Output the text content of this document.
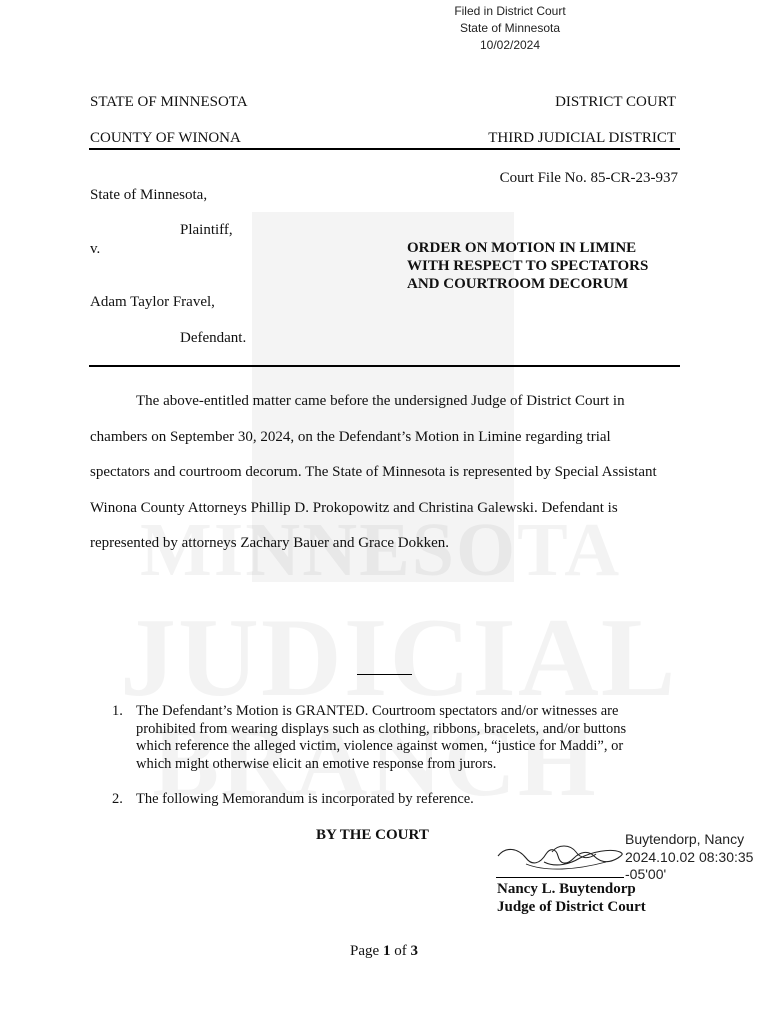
Filed in District Court
State of Minnesota
10/02/2024
STATE OF MINNESOTA	DISTRICT COURT
COUNTY OF WINONA	THIRD JUDICIAL DISTRICT
Court File No. 85-CR-23-937
State of Minnesota,
Plaintiff,
v.
Adam Taylor Fravel,
Defendant.
ORDER ON MOTION IN LIMINE
WITH RESPECT TO SPECTATORS
AND COURTROOM DECORUM
The above-entitled matter came before the undersigned Judge of District Court in
chambers on September 30, 2024, on the Defendant’s Motion in Limine regarding trial
spectators and courtroom decorum. The State of Minnesota is represented by Special Assistant
Winona County Attorneys Phillip D. Prokopowitz and Christina Galewski. Defendant is
represented by attorneys Zachary Bauer and Grace Dokken.
1. The Defendant’s Motion is GRANTED. Courtroom spectators and/or witnesses are
prohibited from wearing displays such as clothing, ribbons, bracelets, and/or buttons
which reference the alleged victim, violence against women, “justice for Maddi”, or
which might otherwise elicit an emotive response from jurors.
2. The following Memorandum is incorporated by reference.
BY THE COURT	Buytendorp, Nancy
2024.10.02 08:30:35
-05'00'
Nancy L. Buytendorp
Judge of District Court
Page 1 of 3
